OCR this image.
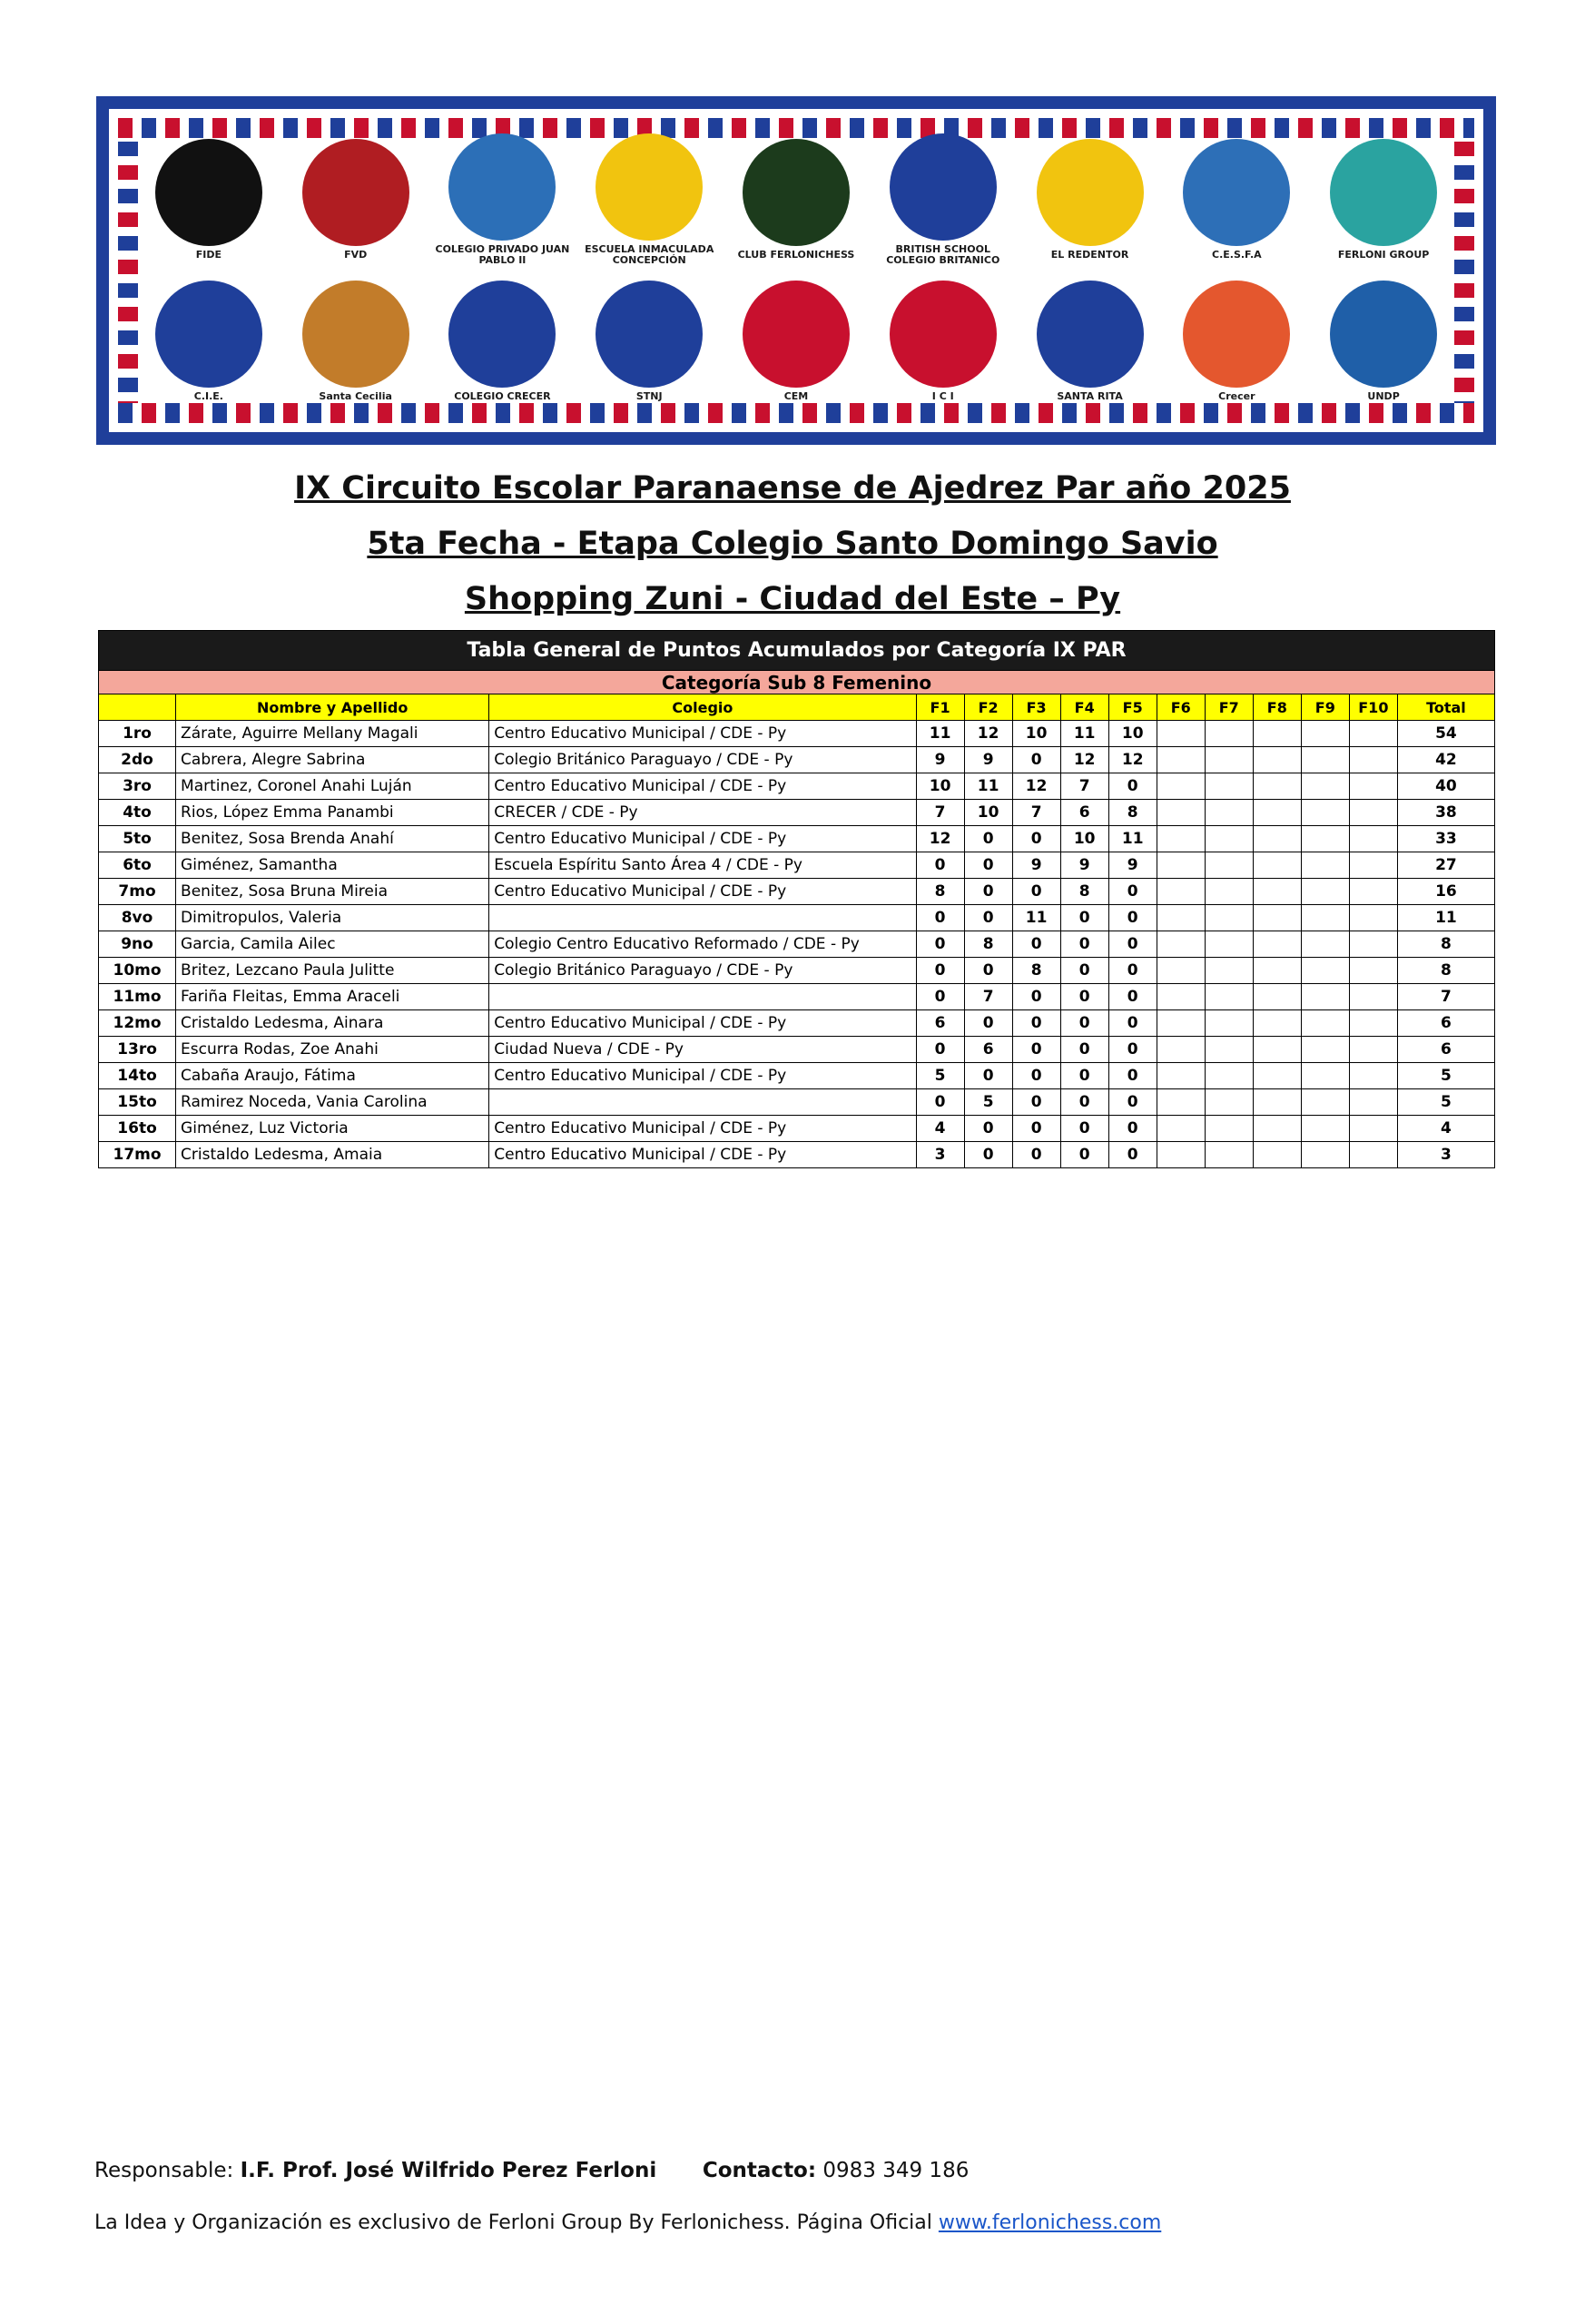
FIDE	FVD	COLEGIO PRIVADO JUAN PABLO II
ESCUELA INMACULADA CONCEPCIÓN	CLUB FERLONICHESS	BRITISH SCHOOL COLEGIO BRITANICO	EL REDENTOR	C.E.S.F.A	FERLONI GROUP
C.I.E.	Santa Cecilia	COLEGIO CRECER	STNJ	CEM	I C I	SANTA RITA	Crecer	UNDP
IX Circuito Escolar Paranaense de Ajedrez Par año 2025
5ta Fecha - Etapa Colegio Santo Domingo Savio
Shopping Zuni - Ciudad del Este – Py
Tabla General de Puntos Acumulados por Categoría IX PAR													
Categoría Sub 8 Femenino													
	Nombre y Apellido	Colegio	F1	F2	F3	F4	F5	F6	F7	F8	F9	F10	Total
1ro	Zárate, Aguirre Mellany Magali	Centro Educativo Municipal / CDE - Py	11	12	10	11	10						54
2do	Cabrera, Alegre Sabrina	Colegio Británico Paraguayo / CDE - Py	9	9	0	12	12						42
3ro	Martinez, Coronel Anahi Luján	Centro Educativo Municipal / CDE - Py	10	11	12	7	0						40
4to	Rios, López Emma Panambi	CRECER / CDE - Py	7	10	7	6	8						38
5to	Benitez, Sosa Brenda Anahí	Centro Educativo Municipal / CDE - Py	12	0	0	10	11						33
6to	Giménez, Samantha	Escuela Espíritu Santo Área 4 / CDE - Py	0	0	9	9	9						27
7mo	Benitez, Sosa Bruna Mireia	Centro Educativo Municipal / CDE - Py	8	0	0	8	0						16
8vo	Dimitropulos, Valeria		0	0	11	0	0						11
9no	Garcia, Camila Ailec	Colegio Centro Educativo Reformado / CDE - Py	0	8	0	0	0						8
10mo	Britez, Lezcano Paula Julitte	Colegio Británico Paraguayo / CDE - Py	0	0	8	0	0						8
11mo	Fariña Fleitas, Emma Araceli		0	7	0	0	0						7
12mo	Cristaldo Ledesma, Ainara	Centro Educativo Municipal / CDE - Py	6	0	0	0	0						6
13ro	Escurra Rodas, Zoe Anahi	Ciudad Nueva / CDE - Py	0	6	0	0	0						6
14to	Cabaña Araujo, Fátima	Centro Educativo Municipal / CDE - Py	5	0	0	0	0						5
15to	Ramirez Noceda, Vania Carolina		0	5	0	0	0						5
16to	Giménez, Luz Victoria	Centro Educativo Municipal / CDE - Py	4	0	0	0	0						4
17mo	Cristaldo Ledesma, Amaia	Centro Educativo Municipal / CDE - Py	3	0	0	0	0						3
Responsable: I.F. Prof. José Wilfrido Perez Ferloni Contacto: 0983 349 186
La Idea y Organización es exclusivo de Ferloni Group By Ferlonichess. Página Oficial www.ferlonichess.com
